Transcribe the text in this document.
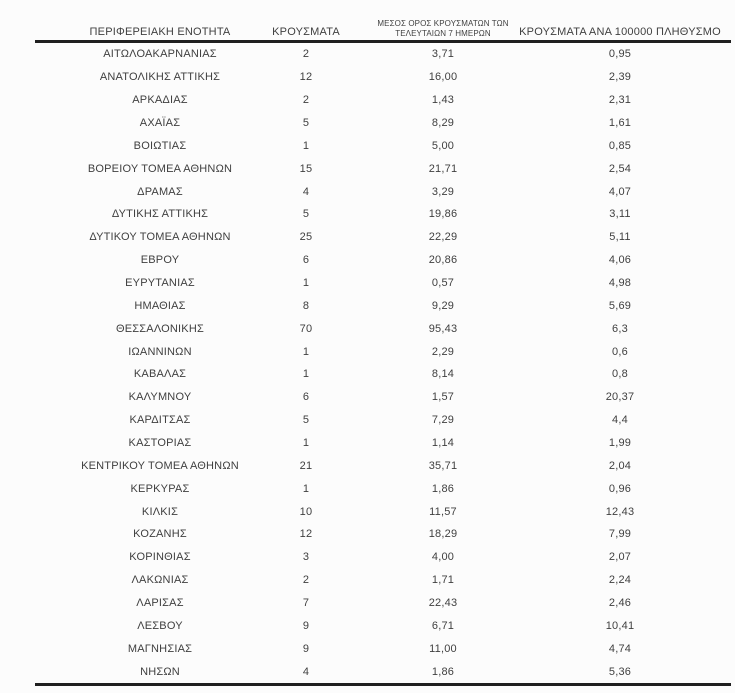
ΠΕΡΙΦΕΡΕΙΑΚΗ ΕΝΟΤΗΤΑ	ΚΡΟΥΣΜΑΤΑ
ΜΕΣΟΣ ΟΡΟΣ ΚΡΟΥΣΜΑΤΩΝ ΤΩΝ
ΤΕΛΕΥΤΑΙΩΝ 7 ΗΜΕΡΩΝ	ΚΡΟΥΣΜΑΤΑ ΑΝΑ 100000 ΠΛΗΘΥΣΜΟ
ΑΙΤΩΛΟΑΚΑΡΝΑΝΙΑΣ	2	3,71	0,95
ΑΝΑΤΟΛΙΚΗΣ ΑΤΤΙΚΗΣ	12	16,00	2,39
ΑΡΚΑΔΙΑΣ	2	1,43	2,31
ΑΧΑΪΑΣ	5	8,29	1,61
ΒΟΙΩΤΙΑΣ	1	5,00	0,85
ΒΟΡΕΙΟΥ ΤΟΜΕΑ ΑΘΗΝΩΝ	15	21,71	2,54
ΔΡΑΜΑΣ	4	3,29	4,07
ΔΥΤΙΚΗΣ ΑΤΤΙΚΗΣ	5	19,86	3,11
ΔΥΤΙΚΟΥ ΤΟΜΕΑ ΑΘΗΝΩΝ	25	22,29	5,11
ΕΒΡΟΥ	6	20,86	4,06
ΕΥΡΥΤΑΝΙΑΣ	1	0,57	4,98
ΗΜΑΘΙΑΣ	8	9,29	5,69
ΘΕΣΣΑΛΟΝΙΚΗΣ	70	95,43	6,3
ΙΩΑΝΝΙΝΩΝ	1	2,29	0,6
ΚΑΒΑΛΑΣ	1	8,14	0,8
ΚΑΛΥΜΝΟΥ	6	1,57	20,37
ΚΑΡΔΙΤΣΑΣ	5	7,29	4,4
ΚΑΣΤΟΡΙΑΣ	1	1,14	1,99
ΚΕΝΤΡΙΚΟΥ ΤΟΜΕΑ ΑΘΗΝΩΝ	21	35,71	2,04
ΚΕΡΚΥΡΑΣ	1	1,86	0,96
ΚΙΛΚΙΣ	10	11,57	12,43
ΚΟΖΑΝΗΣ	12	18,29	7,99
ΚΟΡΙΝΘΙΑΣ	3	4,00	2,07
ΛΑΚΩΝΙΑΣ	2	1,71	2,24
ΛΑΡΙΣΑΣ	7	22,43	2,46
ΛΕΣΒΟΥ	9	6,71	10,41
ΜΑΓΝΗΣΙΑΣ	9	11,00	4,74
ΝΗΣΩΝ	4	1,86	5,36
